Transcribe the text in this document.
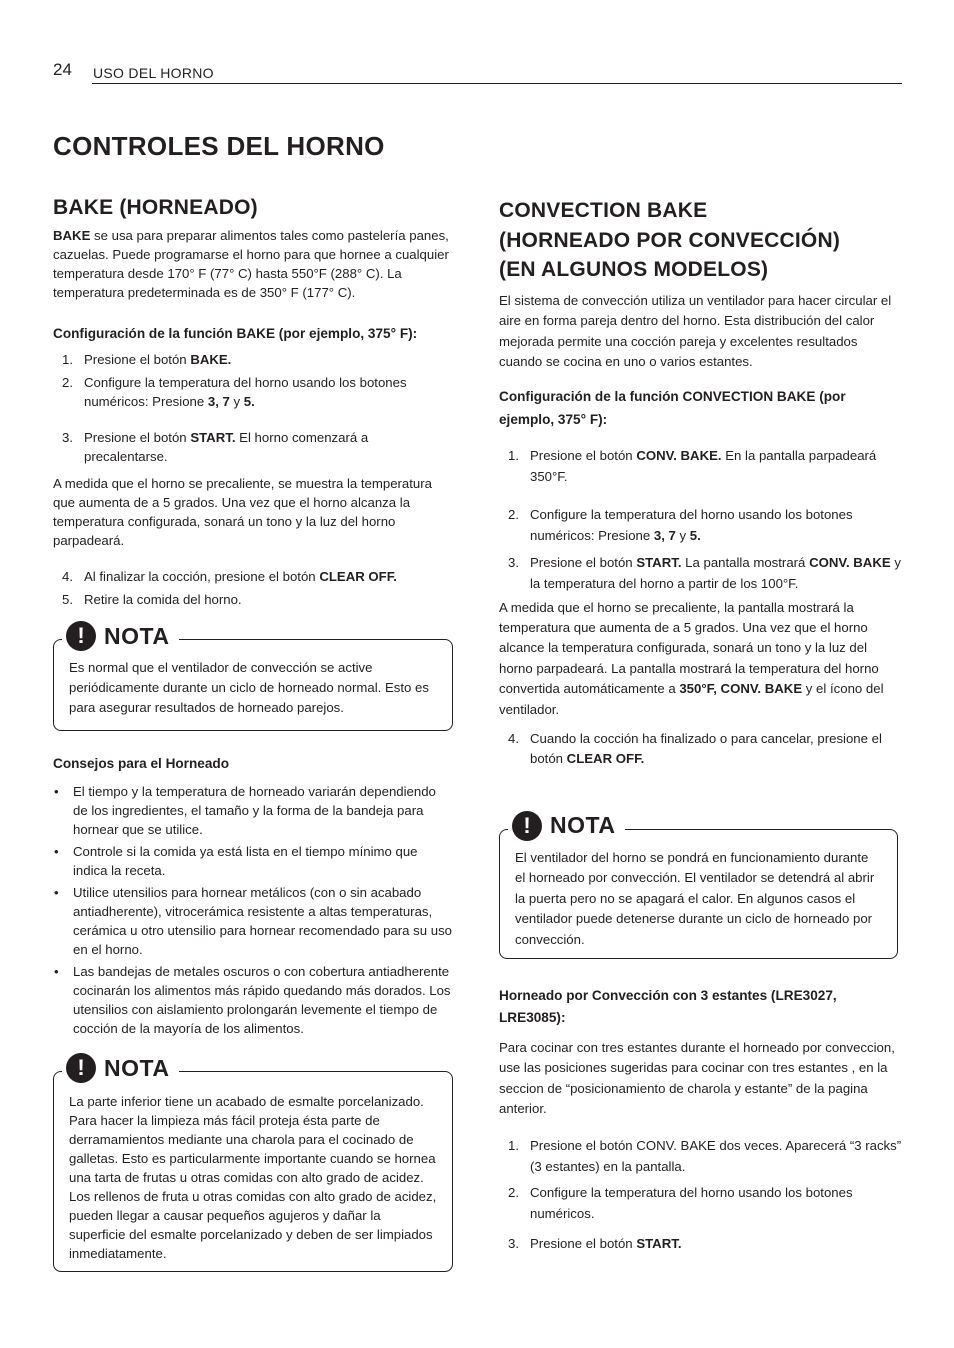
24 USO DEL HORNO
CONTROLES DEL HORNO
BAKE (HORNEADO)

BAKE se usa para preparar alimentos tales como pastelería panes, cazuelas. Puede programarse el horno para que hornee a cualquier temperatura desde 170° F (77° C) hasta 550°F (288° C). La temperatura predeterminada es de 350° F (177° C).

Configuración de la función BAKE (por ejemplo, 375° F):
1. Presione el botón BAKE.
2. Configure la temperatura del horno usando los botones numéricos: Presione 3, 7 y 5.
3. Presione el botón START. El horno comenzará a precalentarse.

A medida que el horno se precaliente, se muestra la temperatura que aumenta de a 5 grados. Una vez que el horno alcanza la temperatura configurada, sonará un tono y la luz del horno parpadeará.

4. Al finalizar la cocción, presione el botón CLEAR OFF.
5. Retire la comida del horno.
! NOTA

Es normal que el ventilador de convección se active periódicamente durante un ciclo de horneado normal. Esto es para asegurar resultados de horneado parejos.

Consejos para el Horneado
• El tiempo y la temperatura de horneado variarán dependiendo de los ingredientes, el tamaño y la forma de la bandeja para hornear que se utilice.
• Controle si la comida ya está lista en el tiempo mínimo que indica la receta.
• Utilice utensilios para hornear metálicos (con o sin acabado antiadherente), vitrocerámica resistente a altas temperaturas, cerámica u otro utensilio para hornear recomendado para su uso en el horno.
• Las bandejas de metales oscuros o con cobertura antiadherente cocinarán los alimentos más rápido quedando más dorados. Los utensilios con aislamiento prolongarán levemente el tiempo de cocción de la mayoría de los alimentos.
! NOTA

La parte inferior tiene un acabado de esmalte porcelanizado. Para hacer la limpieza más fácil proteja ésta parte de derramamientos mediante una charola para el cocinado de galletas. Esto es particularmente importante cuando se hornea una tarta de frutas u otras comidas con alto grado de acidez. Los rellenos de fruta u otras comidas con alto grado de acidez, pueden llegar a causar pequeños agujeros y dañar la superficie del esmalte porcelanizado y deben de ser limpiados inmediatamente.

CONVECTION BAKE
(HORNEADO POR CONVECCIÓN)
(EN ALGUNOS MODELOS)

El sistema de convección utiliza un ventilador para hacer circular el aire en forma pareja dentro del horno. Esta distribución del calor mejorada permite una cocción pareja y excelentes resultados cuando se cocina en uno o varios estantes.

Configuración de la función CONVECTION BAKE (por ejemplo, 375° F):
1. Presione el botón CONV. BAKE. En la pantalla parpadeará 350°F.
2. Configure la temperatura del horno usando los botones numéricos: Presione 3, 7 y 5.
3. Presione el botón START. La pantalla mostrará CONV. BAKE y la temperatura del horno a partir de los 100°F.

A medida que el horno se precaliente, la pantalla mostrará la temperatura que aumenta de a 5 grados. Una vez que el horno alcance la temperatura configurada, sonará un tono y la luz del horno parpadeará. La pantalla mostrará la temperatura del horno convertida automáticamente a 350°F, CONV. BAKE y el ícono del ventilador.

4. Cuando la cocción ha finalizado o para cancelar, presione el botón CLEAR OFF.
! NOTA

El ventilador del horno se pondrá en funcionamiento durante el horneado por convección. El ventilador se detendrá al abrir la puerta pero no se apagará el calor. En algunos casos el ventilador puede detenerse durante un ciclo de horneado por convección.

Horneado por Convección con 3 estantes (LRE3027, LRE3085):

Para cocinar con tres estantes durante el horneado por conveccion, use las posiciones sugeridas para cocinar con tres estantes , en la seccion de “posicionamiento de charola y estante” de la pagina anterior.

1. Presione el botón CONV. BAKE dos veces. Aparecerá “3 racks” (3 estantes) en la pantalla.
2. Configure la temperatura del horno usando los botones numéricos.
3. Presione el botón START.
